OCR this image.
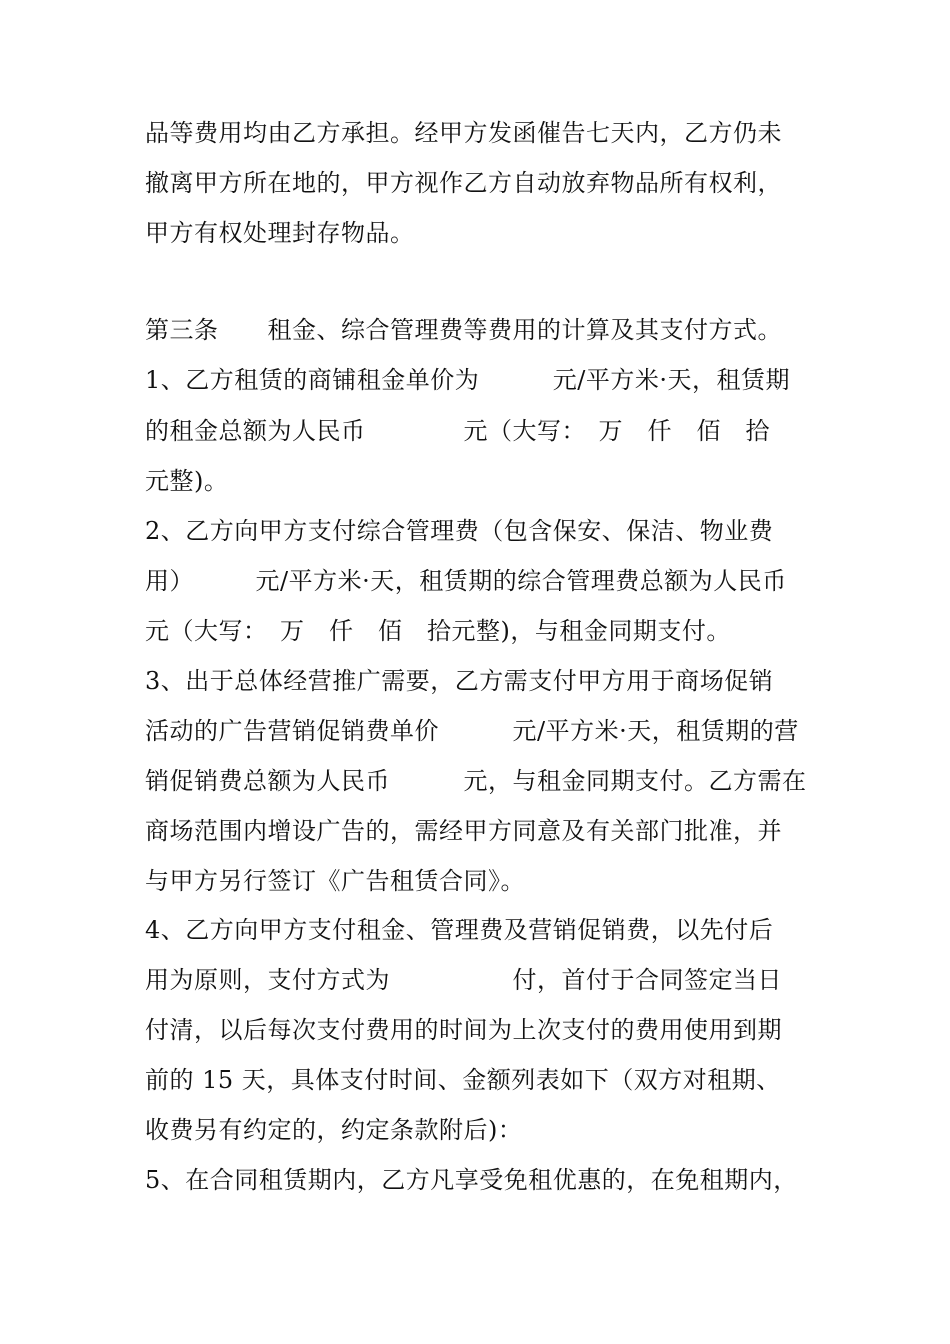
品等费用均由乙方承担。经甲方发函催告七天内，乙方仍未
撤离甲方所在地的，甲方视作乙方自动放弃物品所有权利，
甲方有权处理封存物品。
第三条　　租金、综合管理费等费用的计算及其支付方式。
1、乙方租赁的商铺租金单价为　　　元/平方米·天，租赁期
的租金总额为人民币　　　　元（大写：　万　仟　佰　拾
元整)。
2、乙方向甲方支付综合管理费（包含保安、保洁、物业费
用）　　　元/平方米·天，租赁期的综合管理费总额为人民币
元（大写：　万　仟　佰　拾元整)，与租金同期支付。
3、出于总体经营推广需要，乙方需支付甲方用于商场促销
活动的广告营销促销费单价　　　元/平方米·天，租赁期的营
销促销费总额为人民币　　　元，与租金同期支付。乙方需在
商场范围内增设广告的，需经甲方同意及有关部门批准，并
与甲方另行签订《广告租赁合同》。
4、乙方向甲方支付租金、管理费及营销促销费，以先付后
用为原则，支付方式为　　　　　付，首付于合同签定当日
付清，以后每次支付费用的时间为上次支付的费用使用到期
前的 15 天，具体支付时间、金额列表如下（双方对租期、
收费另有约定的，约定条款附后)：
5、在合同租赁期内，乙方凡享受免租优惠的，在免租期内，
